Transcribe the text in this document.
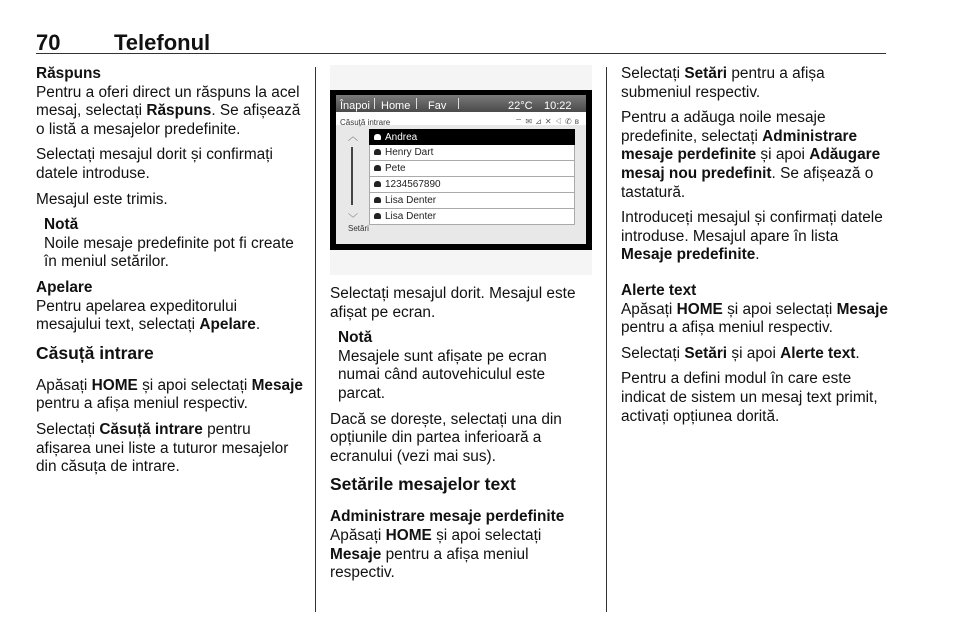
70 Telefonul

Răspuns

Pentru a oferi direct un răspuns la acel mesaj, selectați Răspuns. Se afișează o listă a mesajelor predefinite.

Selectați mesajul dorit și confirmați datele introduse.

Mesajul este trimis.

Notă
Noile mesaje predefinite pot fi create în meniul setărilor.

Apelare

Pentru apelarea expeditorului mesajului text, selectați Apelare.

Căsuță intrare

Apăsați HOME și apoi selectați Mesaje pentru a afișa meniul respectiv.

Selectați Căsuță intrare pentru afișarea unei liste a tuturor mesajelor din căsuța de intrare.

Înapoi Home Fav	22°C 10:22
Căsuță intrare	⌔✉⊿✕◁✆ʙ
︿
﹀
Andrea
Henry Dart
Pete
1234567890
Lisa Denter
Lisa Denter
Setări

Selectați mesajul dorit. Mesajul este afișat pe ecran.

Notă
Mesajele sunt afișate pe ecran numai când autovehiculul este parcat.

Dacă se dorește, selectați una din opțiunile din partea inferioară a ecranului (vezi mai sus).

Setările mesajelor text

Administrare mesaje perdefinite

Apăsați HOME și apoi selectați Mesaje pentru a afișa meniul respectiv.

Selectați Setări pentru a afișa submeniul respectiv.

Pentru a adăuga noile mesaje predefinite, selectați Administrare mesaje perdefinite și apoi Adăugare mesaj nou predefinit. Se afișează o tastatură.

Introduceți mesajul și confirmați datele introduse. Mesajul apare în lista Mesaje predefinite.

Alerte text

Apăsați HOME și apoi selectați Mesaje pentru a afișa meniul respectiv.

Selectați Setări și apoi Alerte text.

Pentru a defini modul în care este indicat de sistem un mesaj text primit, activați opțiunea dorită.
